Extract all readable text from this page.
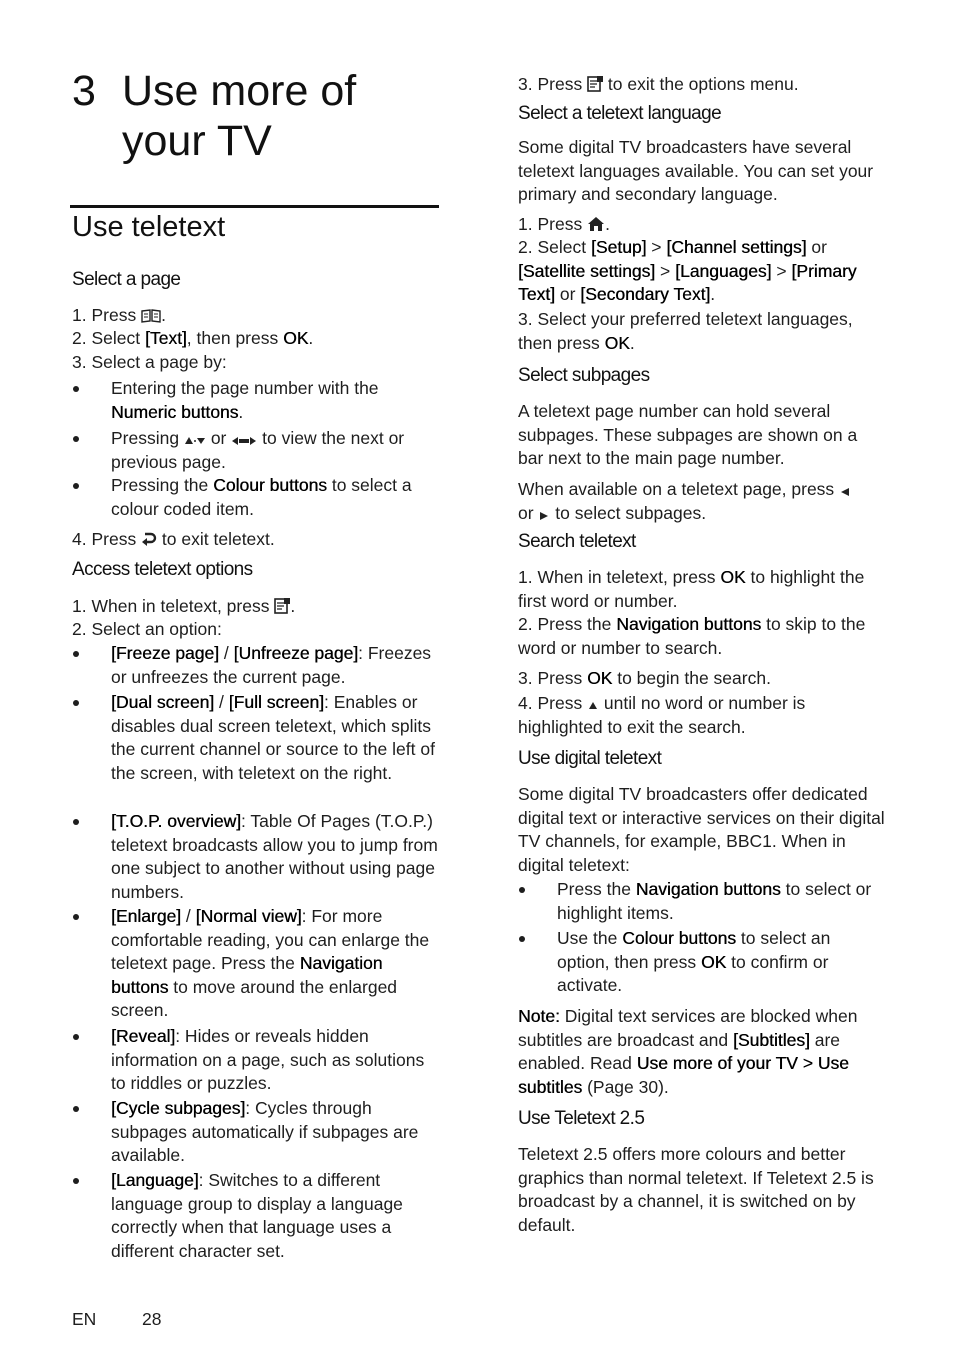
3 Use more of
your TV
Use teletext
Select a page
1. Press .
2. Select [Text], then press OK.
3. Select a page by:
Entering the page number with the Numeric buttons.
Pressing  or  to view the next or previous page.
Pressing the Colour buttons to select a colour coded item.
4. Press  to exit teletext.
Access teletext options
1. When in teletext, press .
2. Select an option:
[Freeze page] / [Unfreeze page]: Freezes or unfreezes the current page.
[Dual screen] / [Full screen]: Enables or disables dual screen teletext, which splits the current channel or source to the left of the screen, with teletext on the right.
[T.O.P. overview]: Table Of Pages (T.O.P.) teletext broadcasts allow you to jump from one subject to another without using page numbers.
[Enlarge] / [Normal view]: For more comfortable reading, you can enlarge the teletext page. Press the Navigation buttons to move around the enlarged screen.
[Reveal]: Hides or reveals hidden information on a page, such as solutions to riddles or puzzles.
[Cycle subpages]: Cycles through subpages automatically if subpages are available.
[Language]: Switches to a different language group to display a language correctly when that language uses a different character set.
3. Press  to exit the options menu.
Select a teletext language
Some digital TV broadcasters have several teletext languages available. You can set your primary and secondary language.
1. Press .
2. Select [Setup] > [Channel settings] or [Satellite settings] > [Languages] > [Primary Text] or [Secondary Text].
3. Select your preferred teletext languages, then press OK.
Select subpages
A teletext page number can hold several subpages. These subpages are shown on a bar next to the main page number.
When available on a teletext page, press
or  to select subpages.
Search teletext
1. When in teletext, press OK to highlight the first word or number.
2. Press the Navigation buttons to skip to the word or number to search.
3. Press OK to begin the search.
4. Press  until no word or number is highlighted to exit the search.
Use digital teletext
Some digital TV broadcasters offer dedicated digital text or interactive services on their digital TV channels, for example, BBC1. When in digital teletext:
Press the Navigation buttons to select or highlight items.
Use the Colour buttons to select an option, then press OK to confirm or activate.
Note: Digital text services are blocked when subtitles are broadcast and [Subtitles] are enabled. Read Use more of your TV > Use subtitles (Page 30).
Use Teletext 2.5
Teletext 2.5 offers more colours and better graphics than normal teletext. If Teletext 2.5 is broadcast by a channel, it is switched on by default.
EN	28
